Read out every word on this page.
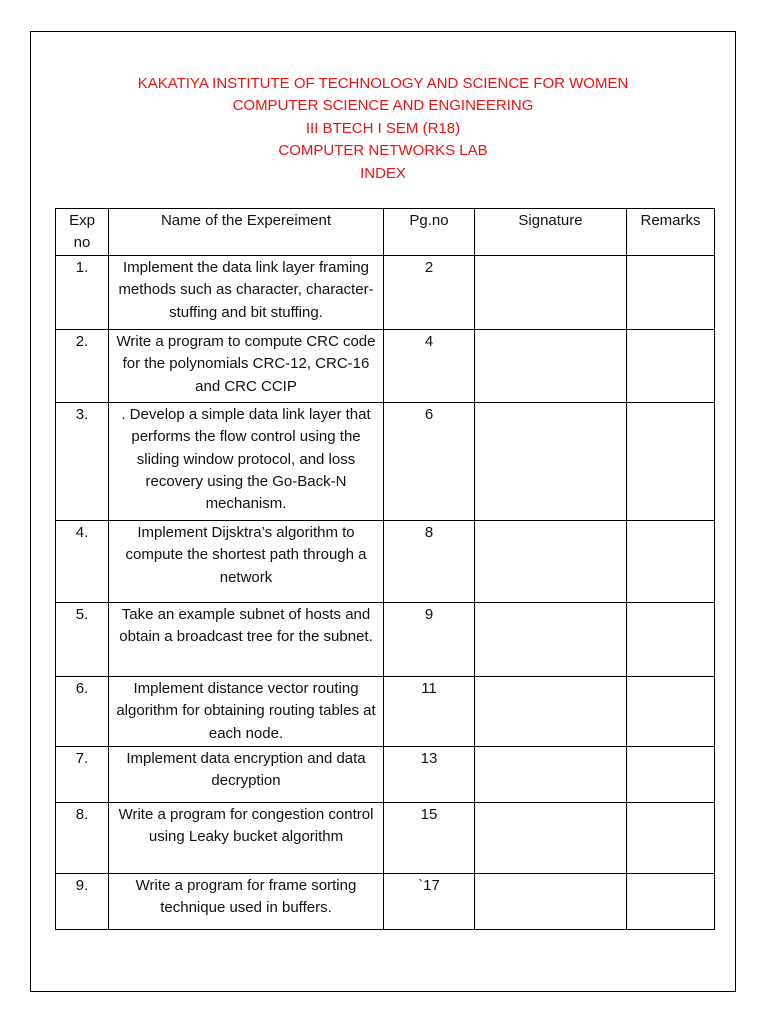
KAKATIYA INSTITUTE OF TECHNOLOGY AND SCIENCE FOR WOMEN
COMPUTER SCIENCE AND ENGINEERING
III BTECH I SEM (R18)
COMPUTER NETWORKS LAB
INDEX
Exp no	Name of the Expereiment	Pg.no	Signature	Remarks
1.	Implement the data link layer framing methods such as character, character-stuffing and bit stuffing.	2		
2.	Write a program to compute CRC code for the polynomials CRC-12, CRC-16 and CRC CCIP	4		
3.	. Develop a simple data link layer that performs the flow control using the sliding window protocol, and loss recovery using the Go-Back-N mechanism.	6		
4.	Implement Dijsktra’s algorithm to compute the shortest path through a network	8		
5.	Take an example subnet of hosts and obtain a broadcast tree for the subnet.	9		
6.	Implement distance vector routing algorithm for obtaining routing tables at each node.	11		
7.	Implement data encryption and data decryption	13		
8.	Write a program for congestion control using Leaky bucket algorithm	15		
9.	Write a program for frame sorting technique used in buffers.	`17		
